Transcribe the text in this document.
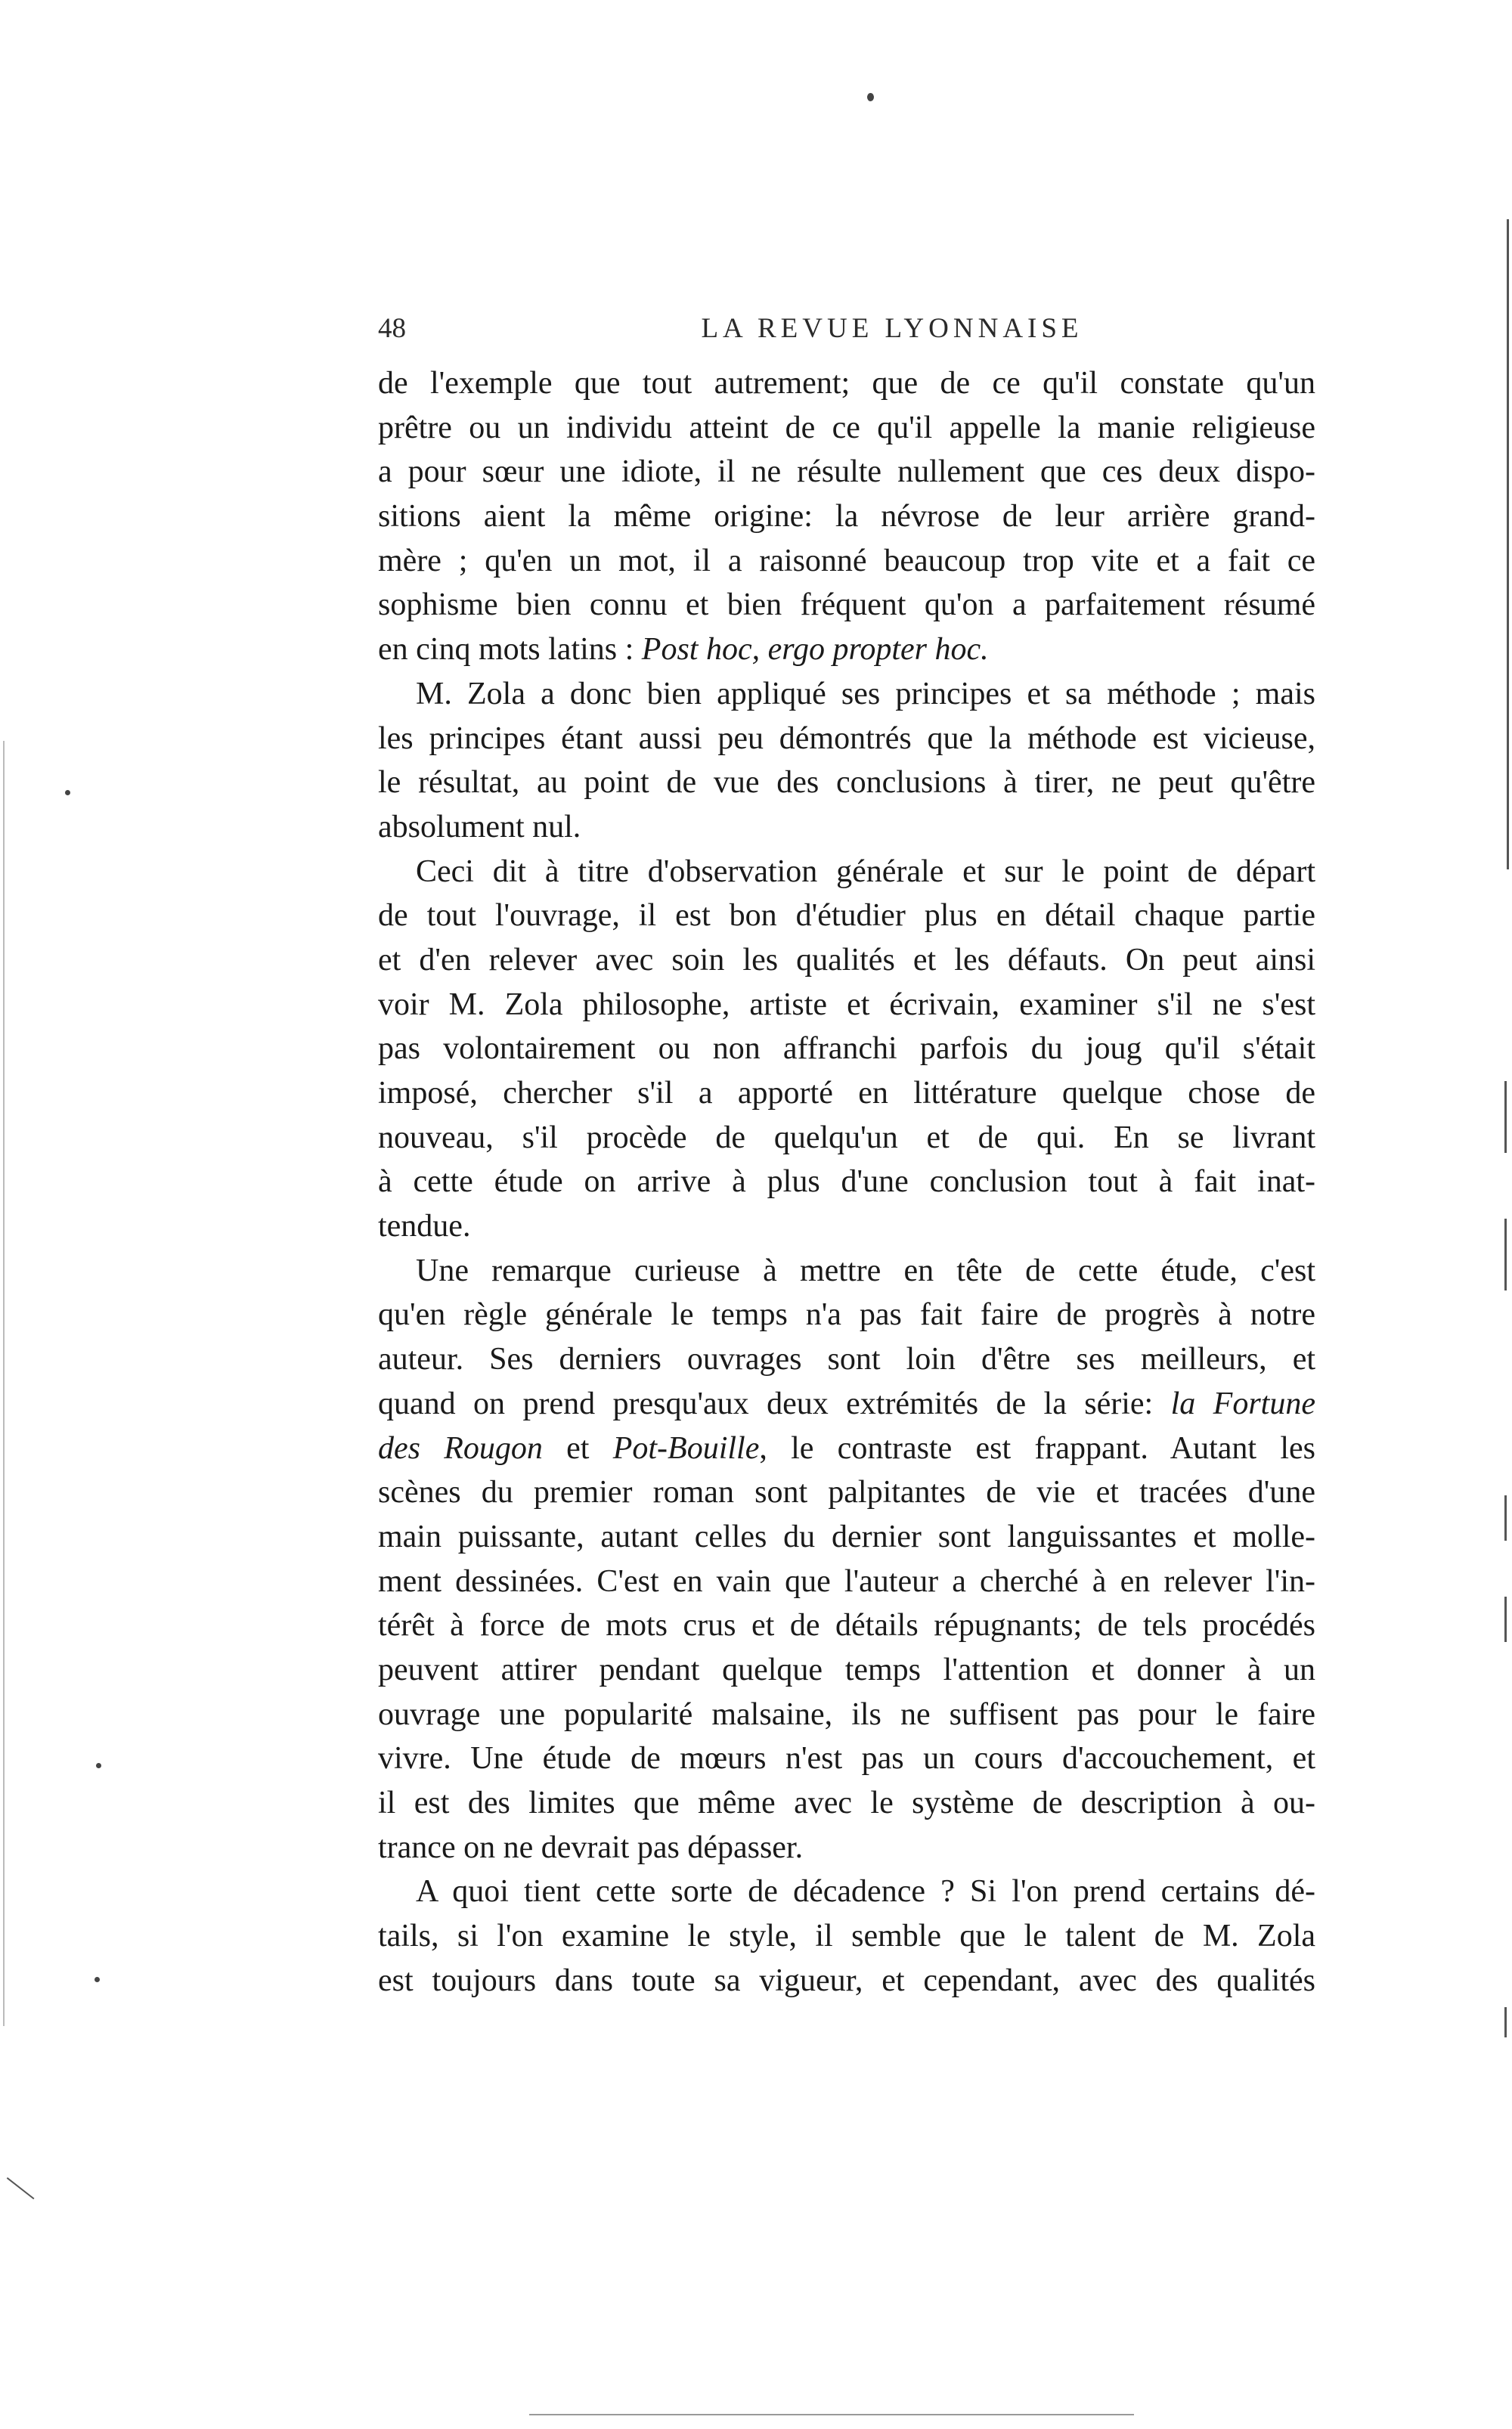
48	LA REVUE LYONNAISE
de l'exemple que tout autrement; que de ce qu'il constate qu'un
prêtre ou un individu atteint de ce qu'il appelle la manie religieuse
a pour sœur une idiote, il ne résulte nullement que ces deux dispo-
sitions aient la même origine: la névrose de leur arrière grand-
mère ; qu'en un mot, il a raisonné beaucoup trop vite et a fait ce
sophisme bien connu et bien fréquent qu'on a parfaitement résumé
en cinq mots latins : Post hoc, ergo propter hoc.
M. Zola a donc bien appliqué ses principes et sa méthode ; mais
les principes étant aussi peu démontrés que la méthode est vicieuse,
le résultat, au point de vue des conclusions à tirer, ne peut qu'être
absolument nul.
Ceci dit à titre d'observation générale et sur le point de départ
de tout l'ouvrage, il est bon d'étudier plus en détail chaque partie
et d'en relever avec soin les qualités et les défauts. On peut ainsi
voir M. Zola philosophe, artiste et écrivain, examiner s'il ne s'est
pas volontairement ou non affranchi parfois du joug qu'il s'était
imposé, chercher s'il a apporté en littérature quelque chose de
nouveau, s'il procède de quelqu'un et de qui. En se livrant
à cette étude on arrive à plus d'une conclusion tout à fait inat-
tendue.
Une remarque curieuse à mettre en tête de cette étude, c'est
qu'en règle générale le temps n'a pas fait faire de progrès à notre
auteur. Ses derniers ouvrages sont loin d'être ses meilleurs, et
quand on prend presqu'aux deux extrémités de la série: la Fortune
des Rougon et Pot-Bouille, le contraste est frappant. Autant les
scènes du premier roman sont palpitantes de vie et tracées d'une
main puissante, autant celles du dernier sont languissantes et molle-
ment dessinées. C'est en vain que l'auteur a cherché à en relever l'in-
térêt à force de mots crus et de détails répugnants; de tels procédés
peuvent attirer pendant quelque temps l'attention et donner à un
ouvrage une popularité malsaine, ils ne suffisent pas pour le faire
vivre. Une étude de mœurs n'est pas un cours d'accouchement, et
il est des limites que même avec le système de description à ou-
trance on ne devrait pas dépasser.
A quoi tient cette sorte de décadence ? Si l'on prend certains dé-
tails, si l'on examine le style, il semble que le talent de M. Zola
est toujours dans toute sa vigueur, et cependant, avec des qualités
